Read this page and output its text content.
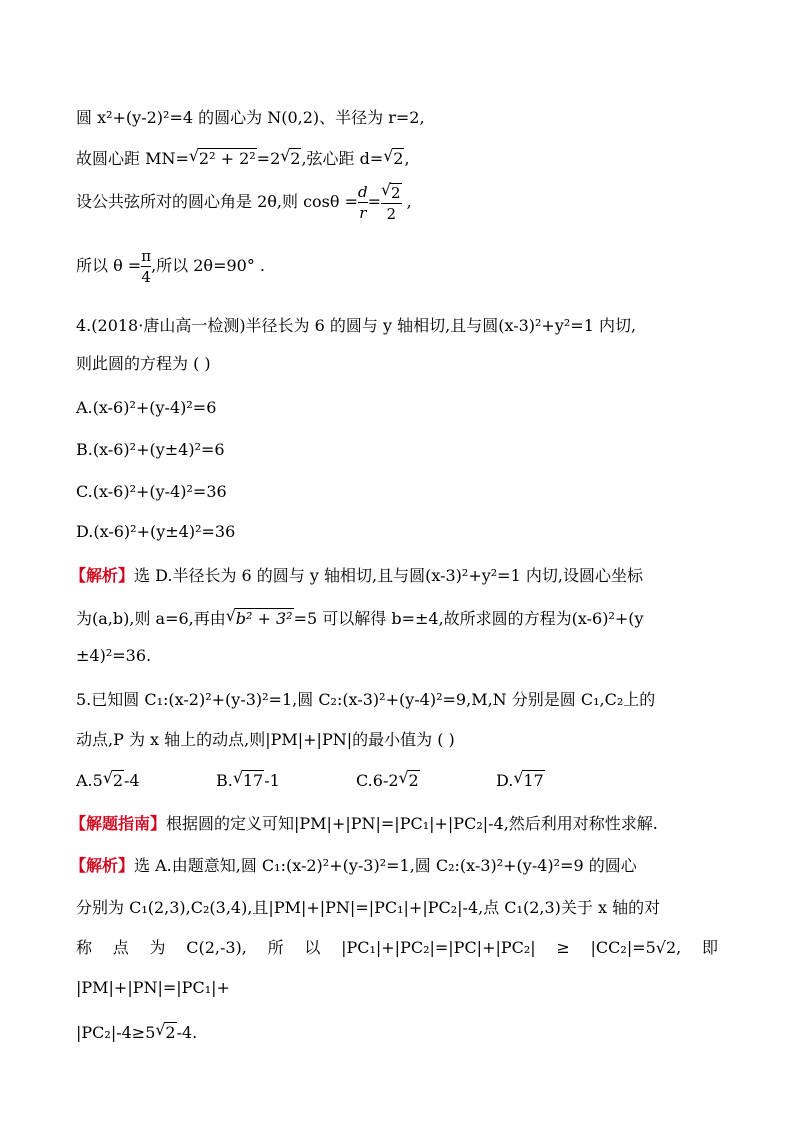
圆 x²+(y-2)²=4 的圆心为 N(0,2)、半径为 r=2,
故圆心距 MN= √ 2² + 2²=2 √ 2,弦心距 d= √ 2,
设公共弦所对的圆心角是 2θ,则 $\cos\theta = \frac{d}{r}$ = √ $\frac{2}{2}$ ,
所以 $\theta = \frac{\pi}{4}$ ,所以 2θ=90° .
4.(2018·唐山高一检测)半径长为 6 的圆与 y 轴相切,且与圆(x-3)²+y²=1 内切,
则此圆的方程为 ( )
A.(x-6)²+(y-4)²=6
B.(x-6)²+(y±4)²=6
C.(x-6)²+(y-4)²=36
D.(x-6)²+(y±4)²=36
【解析】选 D.半径长为 6 的圆与 y 轴相切,且与圆(x-3)²+y²=1 内切,设圆心坐标
为(a,b),则 a=6,再由 √ b² + 3²=5 可以解得 b=±4,故所求圆的方程为(x-6)²+(y
±4)²=36.
5.已知圆 C₁:(x-2)²+(y-3)²=1,圆 C₂:(x-3)²+(y-4)²=9,M,N 分别是圆 C₁,C₂上的
动点,P 为 x 轴上的动点,则|PM|+|PN|的最小值为 ( )
A.5 √ 2-4	B. √ 17-1	C.6-2 √ 2	D. √ 17
【解题指南】根据圆的定义可知|PM|+|PN|=|PC₁|+|PC₂|-4,然后利用对称性求解.
【解析】选 A.由题意知,圆 C₁:(x-2)²+(y-3)²=1,圆 C₂:(x-3)²+(y-4)²=9 的圆心
分别为 C₁(2,3),C₂(3,4),且|PM|+|PN|=|PC₁|+|PC₂|-4,点 C₁(2,3)关于 x 轴的对
称 点 为 C(2,-3), 所 以 |PC₁|+|PC₂|=|PC|+|PC₂| ≥ |CC₂|=5√2, 即
|PM|+|PN|=|PC₁|+
|PC₂|-4≥5 √ 2-4.
